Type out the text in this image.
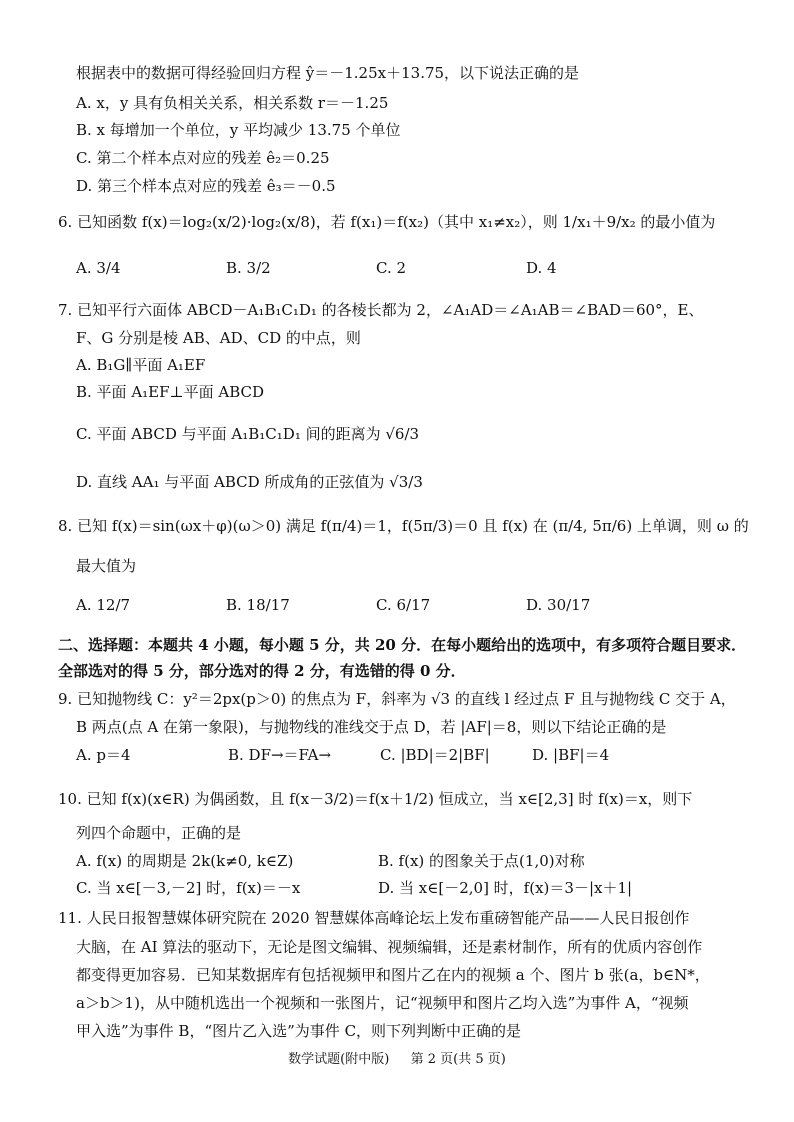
根据表中的数据可得经验回归方程 ŷ＝－1.25x＋13.75，以下说法正确的是
A. x，y 具有负相关关系，相关系数 r＝－1.25
B. x 每增加一个单位，y 平均减少 13.75 个单位
C. 第二个样本点对应的残差 ê₂＝0.25
D. 第三个样本点对应的残差 ê₃＝－0.5
6. 已知函数 f(x)＝log₂(x/2)·log₂(x/8)，若 f(x₁)＝f(x₂)（其中 x₁≠x₂），则 1/x₁＋9/x₂ 的最小值为
A. 3/4	B. 3/2	C. 2	D. 4
7. 已知平行六面体 ABCD－A₁B₁C₁D₁ 的各棱长都为 2，∠A₁AD＝∠A₁AB＝∠BAD＝60°，E、
F、G 分别是棱 AB、AD、CD 的中点，则
A. B₁G∥平面 A₁EF
B. 平面 A₁EF⊥平面 ABCD
C. 平面 ABCD 与平面 A₁B₁C₁D₁ 间的距离为 √6/3
D. 直线 AA₁ 与平面 ABCD 所成角的正弦值为 √3/3
8. 已知 f(x)＝sin(ωx＋φ)(ω＞0) 满足 f(π/4)＝1，f(5π/3)＝0 且 f(x) 在 (π/4, 5π/6) 上单调，则 ω 的
最大值为
A. 12/7	B. 18/17	C. 6/17	D. 30/17
二、选择题：本题共 4 小题，每小题 5 分，共 20 分．在每小题给出的选项中，有多项符合题目要求．
全部选对的得 5 分，部分选对的得 2 分，有选错的得 0 分．
9. 已知抛物线 C：y²＝2px(p＞0) 的焦点为 F，斜率为 √3 的直线 l 经过点 F 且与抛物线 C 交于 A，
B 两点(点 A 在第一象限)，与抛物线的准线交于点 D，若 |AF|＝8，则以下结论正确的是
A. p＝4	B. DF→＝FA→	C. |BD|＝2|BF|	D. |BF|＝4
10. 已知 f(x)(x∈R) 为偶函数，且 f(x－3/2)＝f(x＋1/2) 恒成立，当 x∈[2,3] 时 f(x)＝x，则下
列四个命题中，正确的是
A. f(x) 的周期是 2k(k≠0, k∈Z)	B. f(x) 的图象关于点(1,0)对称
C. 当 x∈[－3,－2] 时，f(x)＝－x	D. 当 x∈[－2,0] 时，f(x)＝3－|x＋1|
11. 人民日报智慧媒体研究院在 2020 智慧媒体高峰论坛上发布重磅智能产品——人民日报创作
大脑，在 AI 算法的驱动下，无论是图文编辑、视频编辑，还是素材制作，所有的优质内容创作
都变得更加容易．已知某数据库有包括视频甲和图片乙在内的视频 a 个、图片 b 张(a，b∈N*，
a＞b＞1)，从中随机选出一个视频和一张图片，记“视频甲和图片乙均入选”为事件 A，“视频
甲入选”为事件 B，“图片乙入选”为事件 C，则下列判断中正确的是
数学试题(附中版)   第 2 页(共 5 页)
